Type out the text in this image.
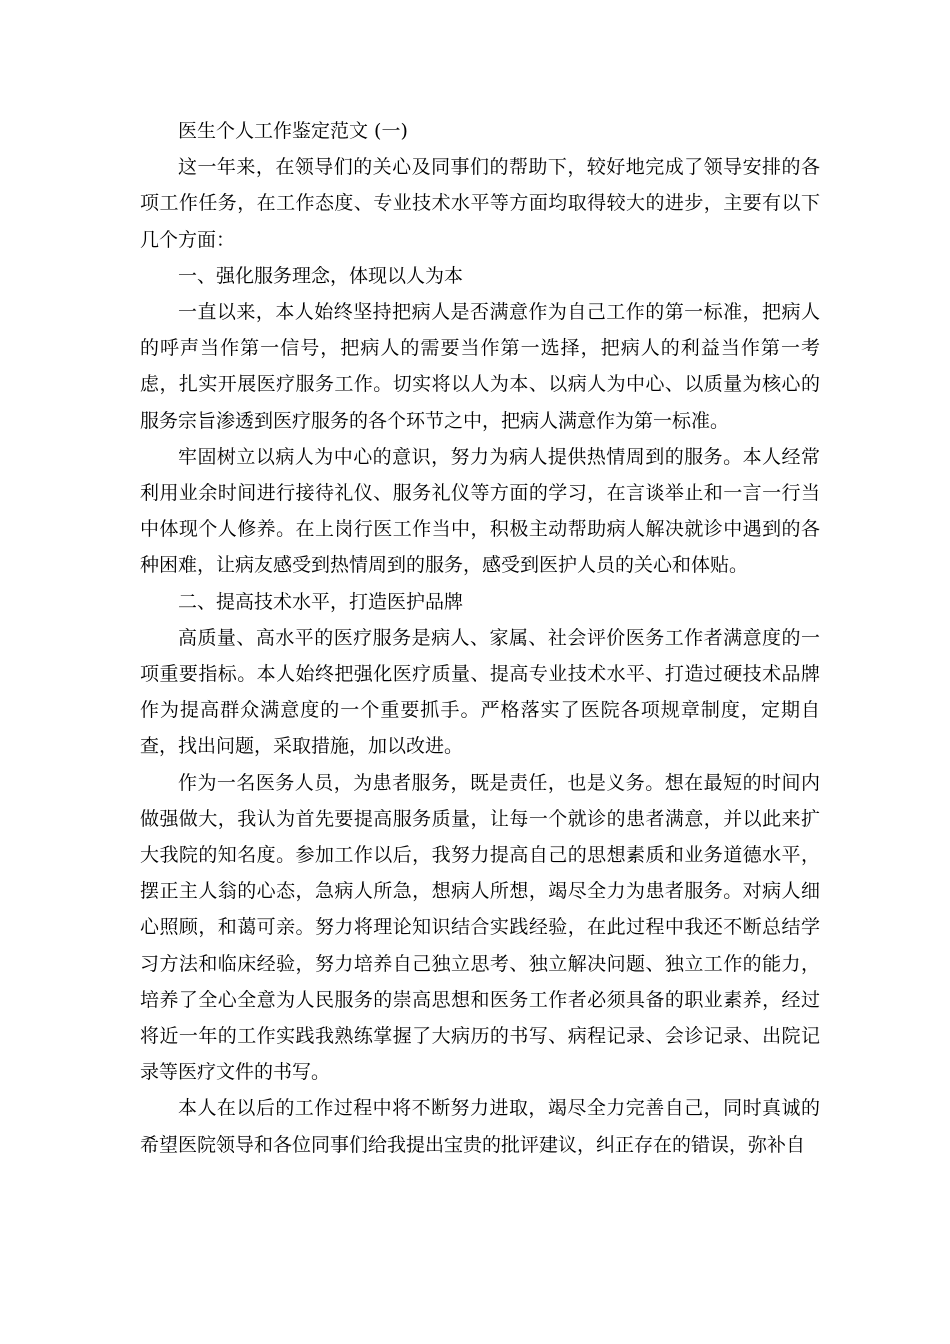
医生个人工作鉴定范文 (一)

这一年来，在领导们的关心及同事们的帮助下，较好地完成了领导安排的各项工作任务，在工作态度、专业技术水平等方面均取得较大的进步，主要有以下几个方面：

一、强化服务理念，体现以人为本

一直以来，本人始终坚持把病人是否满意作为自己工作的第一标准，把病人的呼声当作第一信号，把病人的需要当作第一选择，把病人的利益当作第一考虑，扎实开展医疗服务工作。切实将以人为本、以病人为中心、以质量为核心的服务宗旨渗透到医疗服务的各个环节之中，把病人满意作为第一标准。

牢固树立以病人为中心的意识，努力为病人提供热情周到的服务。本人经常利用业余时间进行接待礼仪、服务礼仪等方面的学习，在言谈举止和一言一行当中体现个人修养。在上岗行医工作当中，积极主动帮助病人解决就诊中遇到的各种困难，让病友感受到热情周到的服务，感受到医护人员的关心和体贴。

二、提高技术水平，打造医护品牌

高质量、高水平的医疗服务是病人、家属、社会评价医务工作者满意度的一项重要指标。本人始终把强化医疗质量、提高专业技术水平、打造过硬技术品牌作为提高群众满意度的一个重要抓手。严格落实了医院各项规章制度，定期自查，找出问题，采取措施，加以改进。

作为一名医务人员，为患者服务，既是责任，也是义务。想在最短的时间内做强做大，我认为首先要提高服务质量，让每一个就诊的患者满意，并以此来扩大我院的知名度。参加工作以后，我努力提高自己的思想素质和业务道德水平，摆正主人翁的心态，急病人所急，想病人所想，竭尽全力为患者服务。对病人细心照顾，和蔼可亲。努力将理论知识结合实践经验，在此过程中我还不断总结学习方法和临床经验，努力培养自己独立思考、独立解决问题、独立工作的能力，培养了全心全意为人民服务的崇高思想和医务工作者必须具备的职业素养，经过将近一年的工作实践我熟练掌握了大病历的书写、病程记录、会诊记录、出院记录等医疗文件的书写。

本人在以后的工作过程中将不断努力进取，竭尽全力完善自己，同时真诚的希望医院领导和各位同事们给我提出宝贵的批评建议，纠正存在的错误，弥补自
